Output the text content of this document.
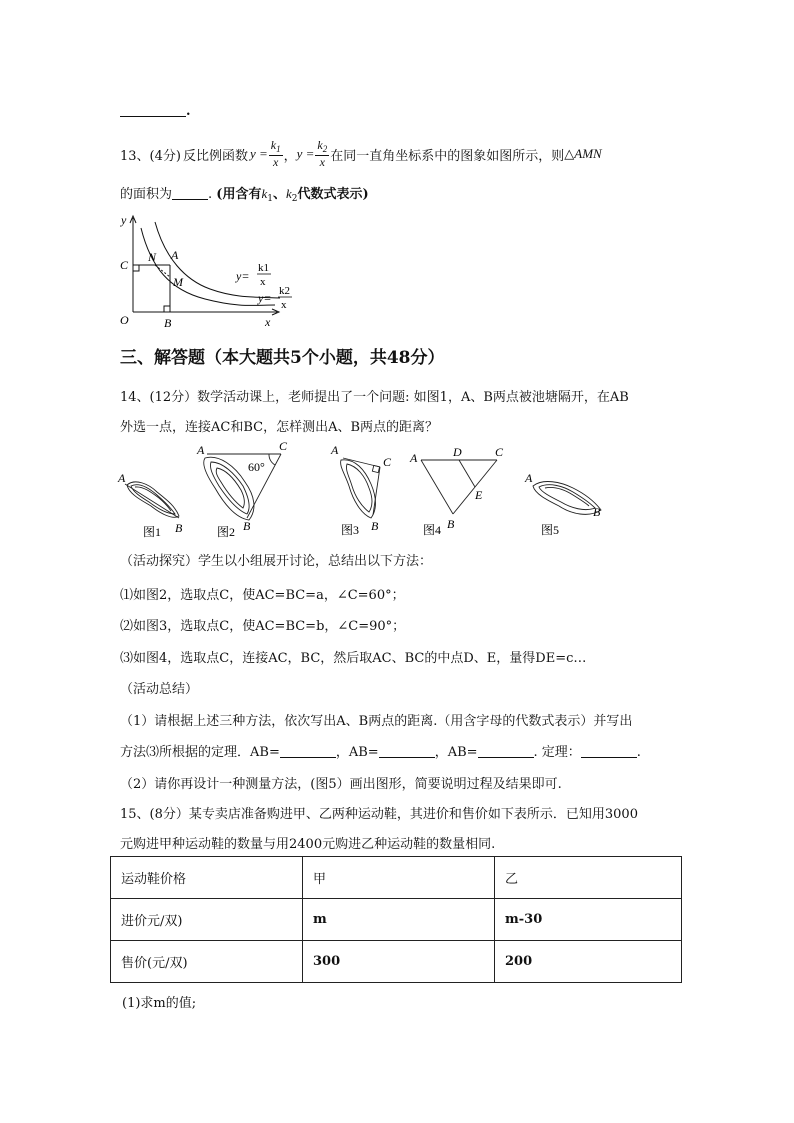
.
13、(4分) 反比例函数 $y = \frac{k_1}{x}$ ， $y = \frac{k_2}{x}$ 在同一直角坐标系中的图象如图所示，则 △AMN
的面积为	. (用含有$k_1$、$k_2$代数式表示)
y
x
O
C
N A
M
B
y=
k1
x
y= k2
x
三、解答题（本大题共5个小题，共48分）
14、(12分）数学活动课上，老师提出了一个问题: 如图1，A、B两点被池塘隔开，在AB
外选一点，连接AC和BC，怎样测出A、B两点的距离？
A
B
A	C
B
A
C
B
A	D	C
E
B
A
B
60°
图1	图2	图3	图4	图5
（活动探究）学生以小组展开讨论，总结出以下方法：
⑴如图2，选取点C，使AC=BC=a，∠C=60°；
⑵如图3，选取点C，使AC=BC=b，∠C=90°；
⑶如图4，选取点C，连接AC，BC，然后取AC、BC的中点D、E，量得DE=c…
（活动总结）
（1）请根据上述三种方法，依次写出A、B两点的距离.（用含字母的代数式表示）并写出
方法⑶所根据的定理．AB=	，AB=	，AB=	. 定理：	.
（2）请你再设计一种测量方法，(图5）画出图形，简要说明过程及结果即可.
15、(8分）某专卖店准备购进甲、乙两种运动鞋，其进价和售价如下表所示．已知用3000
元购进甲种运动鞋的数量与用2400元购进乙种运动鞋的数量相同.
运动鞋价格	甲	乙
进价元/双)	m	m-30
售价(元/双)	300	200
(1)求m的值;
